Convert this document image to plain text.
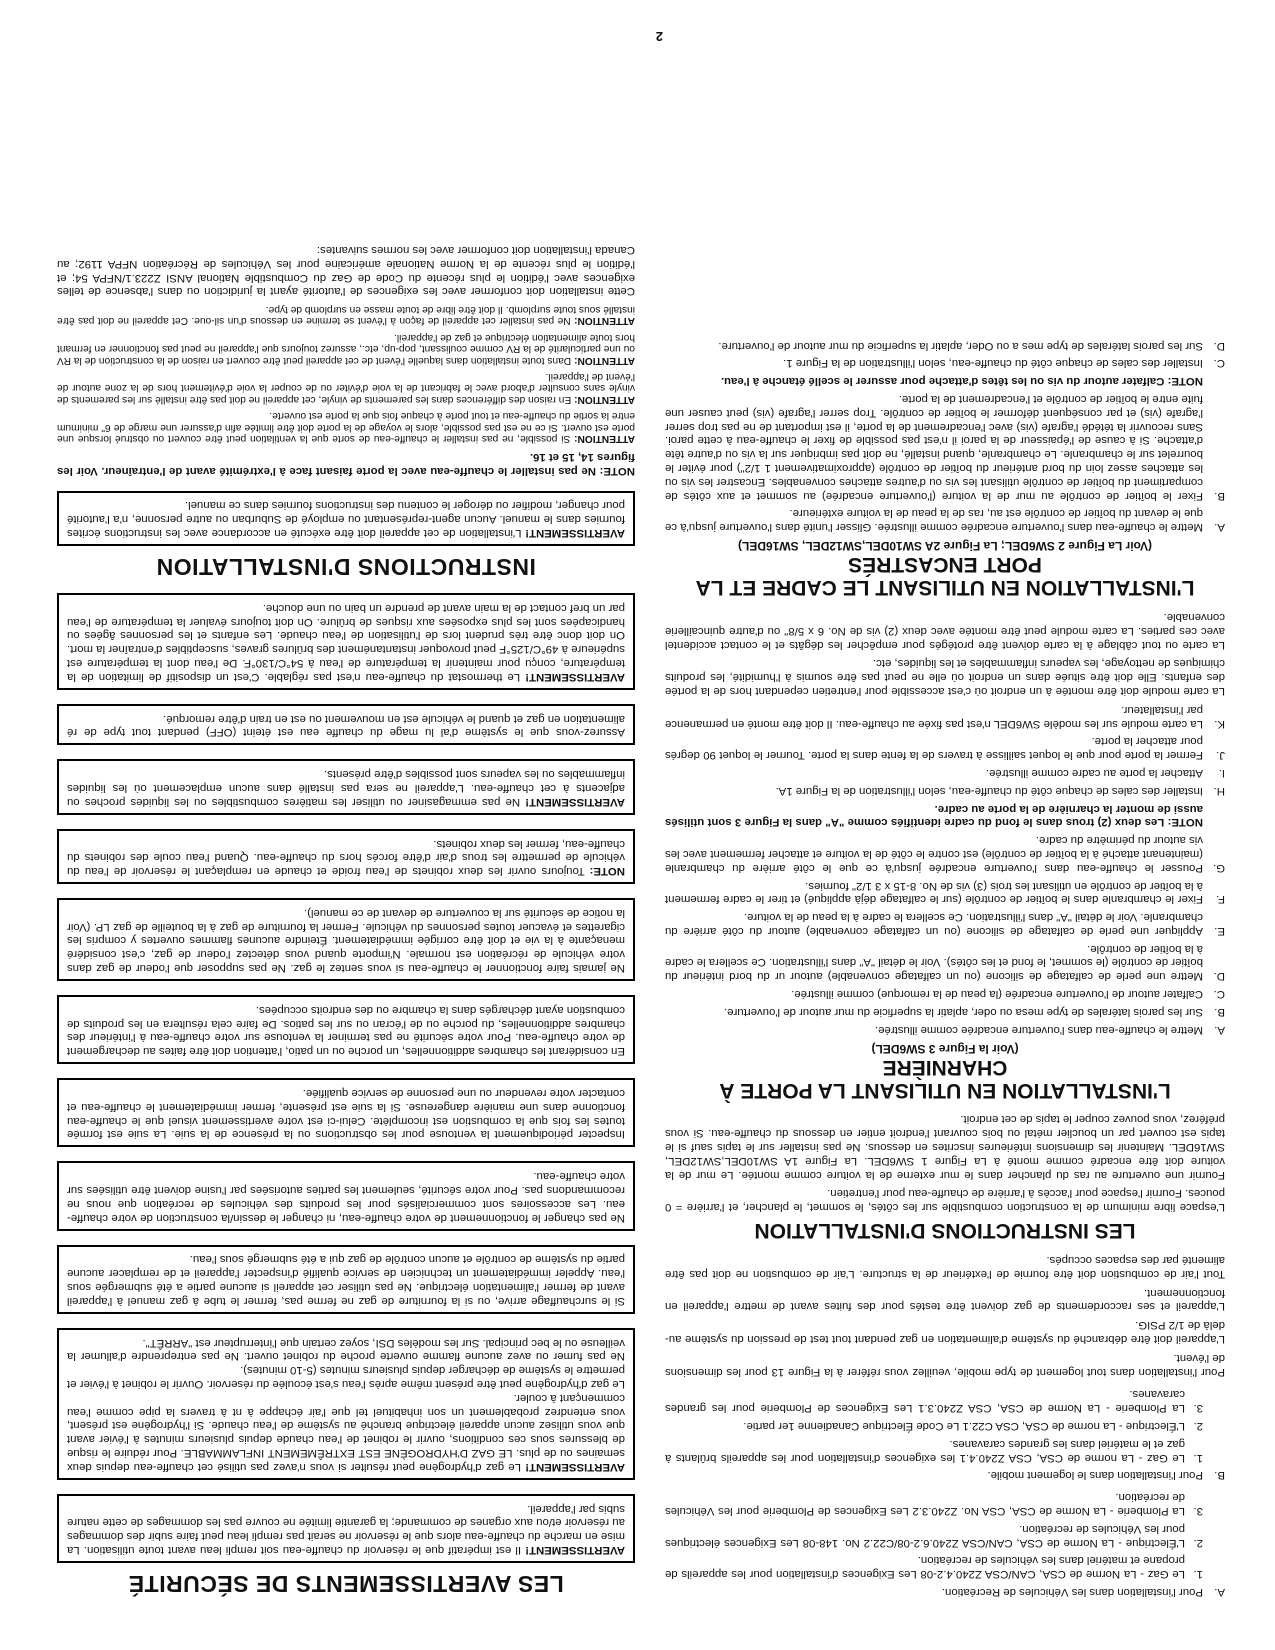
A.
Pour l'installation dans les Véhicules de Recréation.
1.
Le Gaz - La Norme de CSA, CAN/CSA Z240.4.2-08 Les Exigences d'installation pour les appareils de propane et matériel dans les véhicules de recréation.
2.
L'Électrique - La Norme de CSA, CAN/CSA Z240.6.2-08/C22.2 No. 148-08 Les Exigences électriques pour les Véhicules de recréation.
3.
La Plomberie - La Norme de CSA, CSA No. Z240.3.2 Les Exigences de Plomberie pour les Véhicules de recréation.
B.
Pour l'installation dans le logement mobile.
1.
Le Gaz - La norme de CSA, CSA Z240.4.1 les exigences d'installation pour les appareils brûlants à gaz et le matériel dans les grandes caravanes.
2.
L'Électrique - La norme de CSA, CSA C22.1 Le Code Électrique Canadienne 1er partie.
3.
La Plomberie - La Norme de CSA, CSA Z240.3.1 Les Exigences de Plomberie pour les grandes caravanes.

Pour l'installation dans tout logement de type mobile, veuillez vous référer à la Figure 13 pour les dimensions de l'évent.

L'appareil doit être débranché du système d'alimentation en gaz pendant tout test de pression du système au-delà de 1/2 PSIG.

L'appareil et ses raccordements de gaz doivent être testés pour des fuites avant de mettre l'appareil en fonctionnement.

Tout l'air de combustion doit être fournie de l'extérieur de la structure. L'air de combustion ne doit pas être alimenté par des espaces occupés.

LES INSTRUCTIONS D'INSTALLATION

L'espace libre minimum de la construction combustible sur les côtés, le sommet, le plancher, et l'arrière = 0 pouces. Fournir l'espace pour l'accès à l'arrière de chauffe-eau pour l'entretien.

Fournir une ouverture au ras du plancher dans le mur externe de la voiture comme montée. Le mur de la voiture doit être encadré comme monté à La Figure 1 SW6DEL. La Figure 1A SW10DEL,SW12DEL, SW16DEL. Maintenir les dimensions intérieures inscrites en dessous. Ne pas installer sur le tapis sauf si le tapis est couvert par un bouclier métal ou bois couvrant l'endroit entier en dessous du chauffe-eau. Si vous préférez, vous pouvez couper le tapis de cet endroit.

L'INSTALLATION EN UTILISANT LA PORTE À CHARNIÈRE
(Voir la Figure 3 SW6DEL)
A.
Mettre le chauffe-eau dans l'ouverture encadrée comme illustrée.
B.
Sur les parois latérales de type mesa ou oder, aplatir la superficie du mur autour de l'ouverture.
C.
Calfater autour de l'ouverture encadrée (la peau de la remorque) comme illustrée.
D.
Mettre une perle de calfatage de silicone (ou un calfatage convenable) autour ur du bord intérieur du boîtier de contrôle (le sommet, le fond et les côtés). Voir le détail "A" dans l'illustration. Ce scellera le cadre à la boîtier de contrôle.
E.
Appliquer une perle de calfatage de silicone (ou un calfatage convenable) autour du côté arrière du chambranle. Voir le détail "A" dans l'illustration. Ce scellera le cadre à la peau de la voiture.
F.
Fixer le chambranle dans le boîtier de contrôle (sur le calfatage déjà appliqué) et tirer le cadre fermement à la boîtier de contrôle en utilisant les trois (3) vis de No. 8-15 x 3 1/2" fournies.
G.
Pousser le chauffe-eau dans l'ouverture encadrée jusqu'à ce que le côté arrière du chambranle (maintenant attaché à la boîtier de contrôle) est contre le côté de la voiture et attacher fermement avec les vis autour du périmètre du cadre.
NOTE: Les deux (2) trous dans le fond du cadre identifiés comme "A" dans la Figure 3 sont utilisés aussi de monter la charnière de la porte au cadre.
H.
Installer des cales de chaque côté du chauffe-eau, selon l'illustration de la Figure 1A.
I.
Attacher la porte au cadre comme illustrée.
J.
Fermer la porte pour que le loquet saillisse à travers de la fente dans la porte. Tourner le loquet 90 degrés pour attacher la porte.
K.
La carte module sur les modèle SW6DEL n'est pas fixée au chauffe-eau. Il doit être monté en permanence par l'installateur.

La carte module doit être montée à un endroit où c'est accessible pour l'entretien cependant hors de la portée des enfants. Elle doit être située dans un endroit où elle ne peut pas être soumis à l'humidité, les produits chimiques de nettoyage, les vapeurs inflammables et les liquides, etc.

La carte ou tout câblage à la carte doivent être protégés pour empêcher les dégâts et le contact accidentel avec ces parties. La carte module peut être montée avec deux (2) vis de No. 6 x 5/8" ou d'autre quincaillerie convenable.

L'INSTALLATION EN UTILISANT LE CADRE ET LA PORT ENCASTRÉS
(Voir La Figure 2 SW6DEL; La Figure 2A SW10DEL,SW12DEL, SW16DEL)
A.
Mettre le chauffe-eau dans l'ouverture encadrée comme illustrée. Glisser l'unité dans l'ouverture jusqu'à ce que le devant du boîtier de contrôle est au, ras de la peau de la voiture extérieure.
B.
Fixer le boîtier de contrôle au mur de la voiture (l'ouverture encadrée) au sommet et aux côtés de compartiment du boîtier de contrôle utilisant les vis ou d'autres attaches convenables. Encastrer les vis ou les attaches assez loin du bord antérieur du boîtier de contrôle (approximativement 1 1/2") pour éviter le bourrelet sur le chambranle. Le chambranle, quand installé, ne doit pas imbriquer sur la vis ou d'autre tête d'attache. Si à cause de l'épaisseur de la paroi il n'est pas possible de fixer le chauffe-eau à cette paroi. Sans recouvrir la tétédé l'agrafe (vis) avec l'encadrement de la porte, il est important de ne pas trop serrer l'agrafe (vis) et par conséquent déformer le boîtier de contrôle. Trop serrer l'agrafe (vis) peut causer une fuite entre le boîtier de contrôle et l'encadrement de la porte.
NOTE: Calfater autour du vis ou les têtes d'attache pour assurer le scellé étanche à l'eau.
C.
Installer des cales de chaque côté du chauffe-eau, selon l'illustration de la Figure 1.
D.
Sur les parois latérales de type mes a ou Oder, aplatir la superficie du mur autour de l'ouverture.
LES AVERTISSEMENTS DE SÉCURITÉ

AVERTISSEMENT! Il est impératif que le réservoir du chauffe-eau soit rempli leau avant toute utilisation. La mise en marche du chauffe-eau alors que le réservoir ne serait pas rempli leau peut faire subir des dommages au réservoir et/ou aux organes de commande; la garantie limitée ne couvre pas les dommages de cette nature subis par l'appareil.

AVERTISSEMENT! Le gaz d'hydrogène peut résulter si vous n'avez pas utilisé cet chauffe-eau depuis deux semaines ou de plus. LE GAZ D'HYDROGÈNE EST EXTRÊMEMENT INFLAMMABLE. Pour réduire le risque de blessures sous ces conditions, ouvrir le robinet de l'eau chaude depuis plusieurs minutes à l'évier avant que vous utilisez aucun appareil électrique branché au système de l'eau chaude. Si l'hydrogène est présent, vous entendrez probablement un son inhabituel tel que l'air échappe à nt à travers la pipe comme l'eau commençant à couler.

Le gaz d'hydrogène peut être présent même après l'eau s'est écoulée du réservoir. Ouvrir le robinet à l'évier et permettre le système de décharger depuis plusieurs minutes (5-10 minutes).

Ne pas fumer ou avez aucune flamme ouverte proche du robinet ouvert. Ne pas entreprendre d'allumer la veilleuse ou le bec principal. Sur les modèles DSI, soyez certain que l'interrupteur est "ARRÊT".

Si le surchauffage arrive, ou si la fourniture de gaz ne ferme pas, fermer le tube à gaz manuel à l'appareil avant de fermer l'alimentation électrique. Ne pas utiliser cet appareil si aucune partie a été submergée sous l'eau. Appeler immédiatement un technicien de service qualifié d'inspecter l'appareil et de remplacer aucune partie du système de contrôle et aucun contrôle de gaz qui a été submergé sous l'eau.

Ne pas changer le fonctionnement de votre chauffe-eau, ni changer le dessin/la construction de votre chauffe-eau. Les accessoires sont commercialisés pour les produits des véhicules de recréation que nous ne recommandons pas. Pour votre sécurité, seulement les parties autorisées par l'usine doivent être utilisées sur votre chauffe-eau.

Inspecter périodiquement la ventouse pour les obstructions ou la présence de la suie. La suie est formée toutes les fois que la combustion est incomplète. Celui-ci est votre avertissement visuel que le chauffe-eau fonctionne dans une manière dangereuse. Si la suie est présente, fermer immédiatement le chauffe-eau et contacter votre revendeur ou une personne de service qualifiée.

En considérant les chambres additionnelles, un porche ou un patio, l'attention doit être faites au dechargement de votre chauffe-eau. Pour votre sécurité ne pas terminer la ventouse sur votre chauffe-eau à l'intérieur des chambres additionnelles, du porche ou de l'écran ou sur les patios. De faire cela résultera en les produits de combustion ayant déchargés dans la chambre ou des endroits occupées.

Ne jamais faire fonctionner le chauffe-eau si vous sentez le gaz. Ne pas supposer que l'odeur de gaz dans votre véhicule de récréation est normale. N'importe quand vous détectez l'odeur de gaz, c'est considéré menaçante à la vie et doit être corrigée immédiatement. Éteindre aucunes flammes ouvertes y compris les cigarettes et évacuer toutes personnes du véhicule. Fermer la fourniture de gaz à la bouteille de gaz LP. (Voir la notice de sécurité sur la couverture de devant de ce manuel).

NOTE: Toujours ouvrir les deux robinets de l'eau froide et chaude en remplaçant le réservoir de l'eau du véhicule de permettre les trous d'air d'être forcés hors du chauffe-eau. Quand l'eau coule des robinets du chauffe-eau, fermer les deux robinets.

AVERTISSEMENT! Ne pas emmagasiner ou utiliser les matières combustibles ou les liquides proches ou adjacents à cet chauffe-eau. L'appareil ne sera pas installé dans aucun emplacement où les liquides inflammables ou les vapeurs sont possibles d'être présents.

Assurez-vous que le système d'al lu mage du chauffe eau est éteint (OFF) pendant tout type de ré alimentation en gaz et quand le véhicule est en mouvement ou est en train d'être remorqué.

AVERTISSEMENT! Le thermostat du chauffe-eau n'est pas réglable. C'est un dispositif de limitation de la température, conçu pour maintenir la température de l'eau à 54°C/130°F. De l'eau dont la température est supérieure à 49°C/125°F peut provoquer instantanément des brûlures graves, susceptibles d'entraîner la mort. On doit donc être très prudent lors de l'utilisation de l'eau chaude. Les enfants et les personnes âgées ou handicapées sont les plus exposées aux risques de brûlure. On doit toujours évaluer la température de l'eau par un bref contact de la main avant de prendre un bain ou une douche.

INSTRUCTIONS D'INSTALLATION

AVERTISSEMENT! L'installation de cet appareil doit être exécuté en accordance avec les instructions écrites fournies dans le manuel. Aucun agent-représentant ou employé de Suburban ou autre personne, n'a l'autorité pour changer, modifier ou déroger le contenu des instructions fournies dans ce manuel.

NOTE: Ne pas installer le chauffe-eau avec la porte faisant face à l'extrémité avant de l'entraîneur. Voir les figures 14, 15 et 16.

ATTENTION: Si possible, ne pas installer le chauffe-eau de sorte que la ventilation peut être couvert ou obstrué lorsque une porte est ouvert. Si ce ne est pas possible, alors le voyage de la porte doit être limitée afin d'assurer une marge de 6" minimum entre la sortie du chauffe-eau et tout porte à chaque fois que la porte est ouverte.

ATTENTION: En raison des différences dans les parements de vinyle, cet appareil ne doit pas être installé sur les parements de vinyle sans consulter d'abord avec le fabricant de la voie d'éviter ou de couper la voie d'évitement hors de la zone autour de l'évent de l'appareil.

ATTENTION: Dans toute installation dans laquelle l'évent de cet appareil peut être couvert en raison de la construction de la RV ou une particularité de la RV comme coulissant, pop-up, etc., assurez toujours que l'appareil ne peut pas fonctionner en fermant hors toute alimentation électrique et gaz de l'appareil.

ATTENTION: Ne pas installer cet appareil de façon à l'évent se termine en dessous d'un sil-oue. Cet appareil ne doit pas être installé sous toute surplomb. Il doit être libre de toute masse en surplomb de type.

Cette installation doit conformer avec les exigences de l'autorité ayant la juridiction ou dans l'absence de telles exigences avec l'édition le plus récente du Code de Gaz du Combustible National ANSI Z223.1/NFPA 54; et l'édition le plus récente de la Norme Nationale américaine pour les Véhicules de Récréation NFPA 1192; au Canada l'installation doit conformer avec les normes suivantes:

2
